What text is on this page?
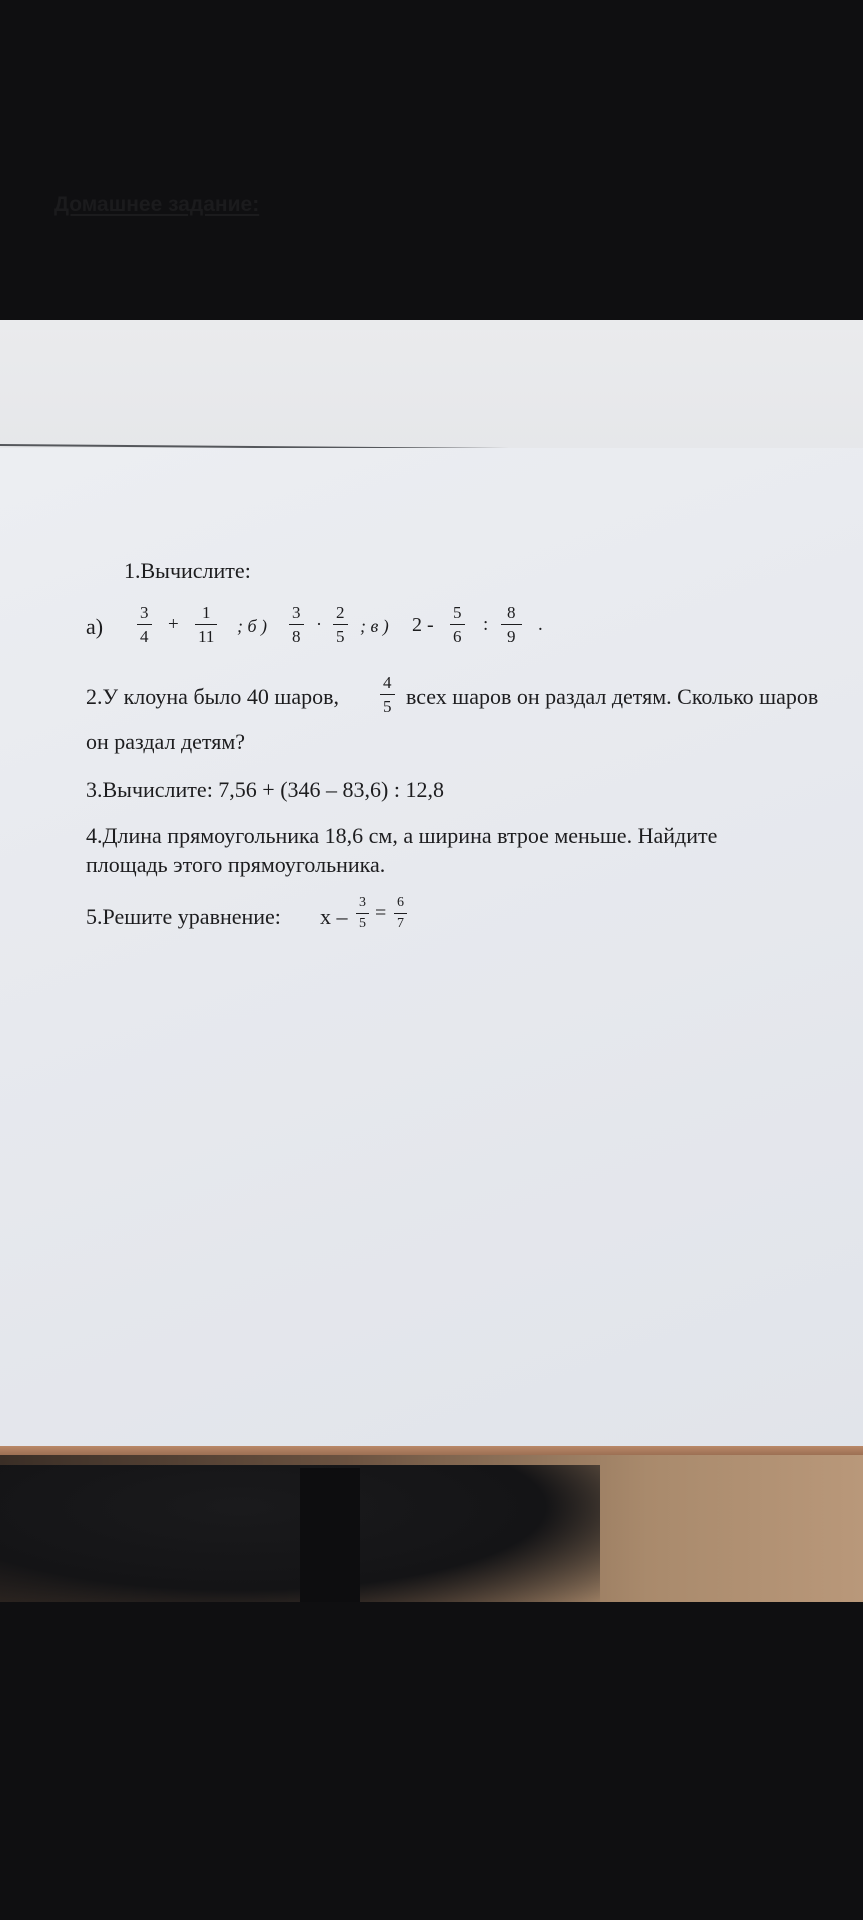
Домашнее задание:
1.Вычислите:
$а) \frac{3}{4} + \frac{1}{11}$ ; б ) $\frac{3}{8} \cdot \frac{2}{5}$ ; в ) $2 - \frac{5}{6}$ : $\frac{8}{9}$ .
2.У клоуна было 40 шаров, $\frac{4}{5}$ всех шаров он раздал детям. Сколько шаров
он раздал детям?
3.Вычислите: 7,56 + (346 – 83,6) : 12,8
4.Длина прямоугольника 18,6 см, а ширина втрое меньше. Найдите
площадь этого прямоугольника.
5.Решите уравнение: $x - \frac{3}{5} = \frac{6}{7}$
